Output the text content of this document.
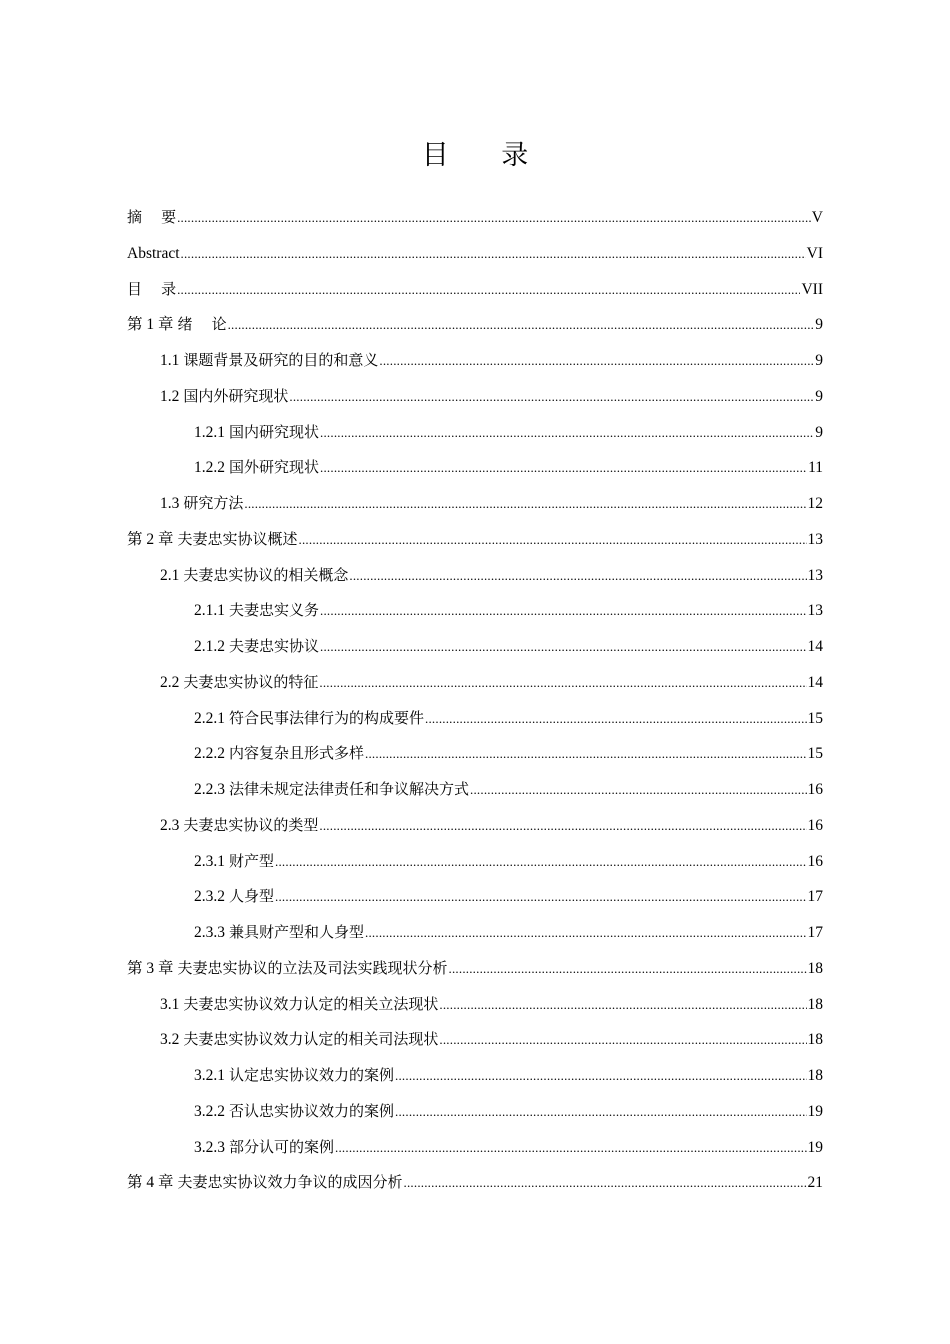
目 录
摘    要 .....	V
Abstract .....	VI
目    录 .....	VII
第 1 章 绪    论 .....	9
1.1 课题背景及研究的目的和意义 .....	9
1.2 国内外研究现状 .....	9
1.2.1 国内研究现状 .....	9
1.2.2 国外研究现状 .....	11
1.3 研究方法 .....	12
第 2 章 夫妻忠实协议概述 .....	13
2.1 夫妻忠实协议的相关概念 .....	13
2.1.1 夫妻忠实义务 .....	13
2.1.2 夫妻忠实协议 .....	14
2.2 夫妻忠实协议的特征 .....	14
2.2.1 符合民事法律行为的构成要件 .....	15
2.2.2 内容复杂且形式多样 .....	15
2.2.3 法律未规定法律责任和争议解决方式 .....	16
2.3 夫妻忠实协议的类型 .....	16
2.3.1 财产型 .....	16
2.3.2 人身型 .....	17
2.3.3 兼具财产型和人身型 .....	17
第 3 章 夫妻忠实协议的立法及司法实践现状分析 .....	18
3.1 夫妻忠实协议效力认定的相关立法现状 .....	18
3.2 夫妻忠实协议效力认定的相关司法现状 .....	18
3.2.1 认定忠实协议效力的案例 .....	18
3.2.2 否认忠实协议效力的案例 .....	19
3.2.3 部分认可的案例 .....	19
第 4 章 夫妻忠实协议效力争议的成因分析 .....	21
